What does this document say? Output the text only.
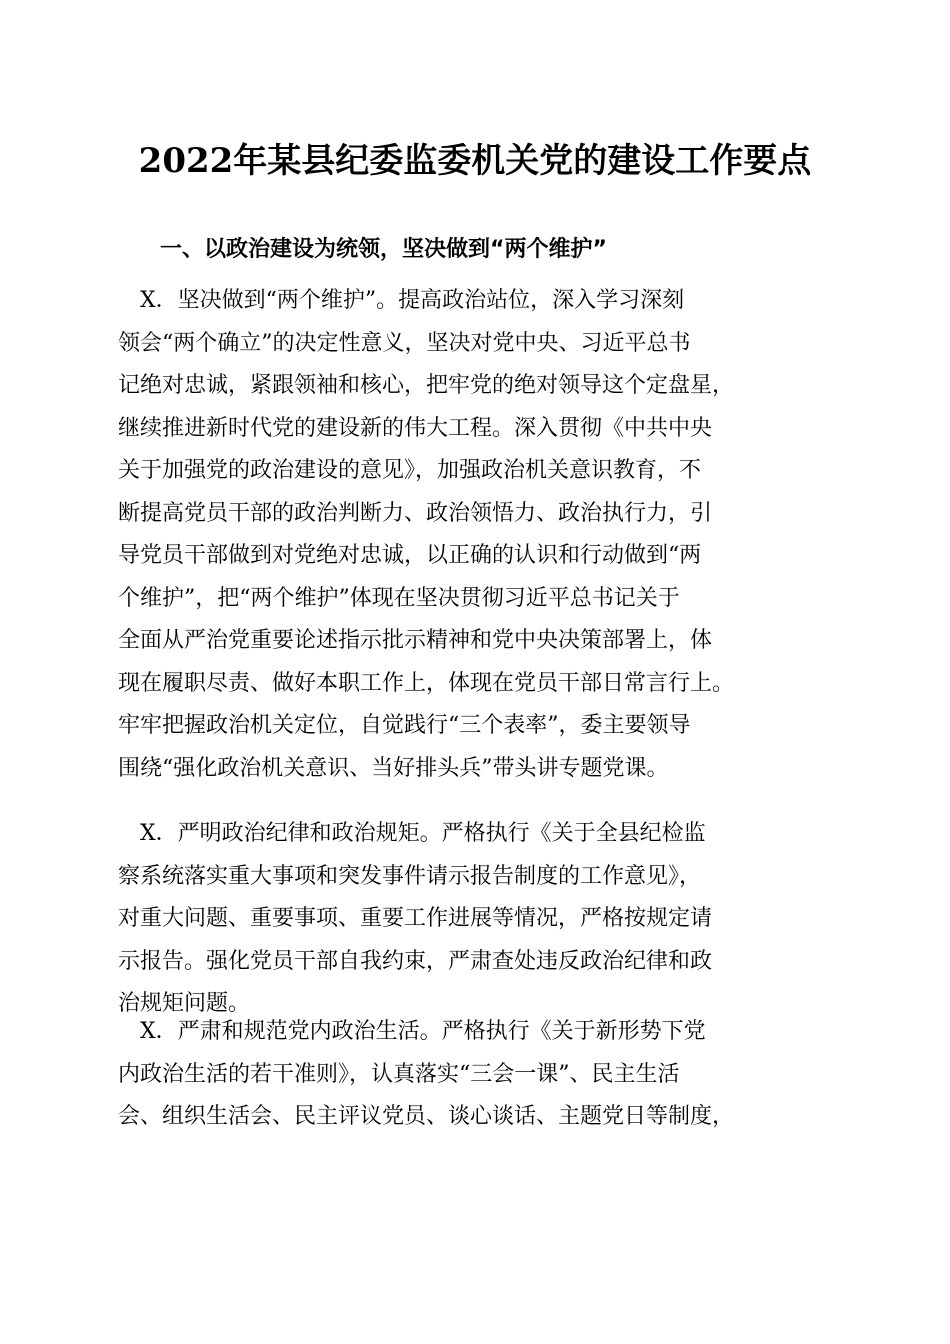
2022年某县纪委监委机关党的建设工作要点
一、以政治建设为统领，坚决做到“两个维护”
　X．坚决做到“两个维护”。提高政治站位，深入学习深刻
领会“两个确立”的决定性意义，坚决对党中央、习近平总书
记绝对忠诚，紧跟领袖和核心，把牢党的绝对领导这个定盘星，
继续推进新时代党的建设新的伟大工程。深入贯彻《中共中央
关于加强党的政治建设的意见》，加强政治机关意识教育，不
断提高党员干部的政治判断力、政治领悟力、政治执行力，引
导党员干部做到对党绝对忠诚，以正确的认识和行动做到“两
个维护”，把“两个维护”体现在坚决贯彻习近平总书记关于
全面从严治党重要论述指示批示精神和党中央决策部署上，体
现在履职尽责、做好本职工作上，体现在党员干部日常言行上。
牢牢把握政治机关定位，自觉践行“三个表率”，委主要领导
围绕“强化政治机关意识、当好排头兵”带头讲专题党课。
　X．严明政治纪律和政治规矩。严格执行《关于全县纪检监
察系统落实重大事项和突发事件请示报告制度的工作意见》，
对重大问题、重要事项、重要工作进展等情况，严格按规定请
示报告。强化党员干部自我约束，严肃查处违反政治纪律和政
治规矩问题。
　X．严肃和规范党内政治生活。严格执行《关于新形势下党
内政治生活的若干准则》，认真落实“三会一课”、民主生活
会、组织生活会、民主评议党员、谈心谈话、主题党日等制度，
